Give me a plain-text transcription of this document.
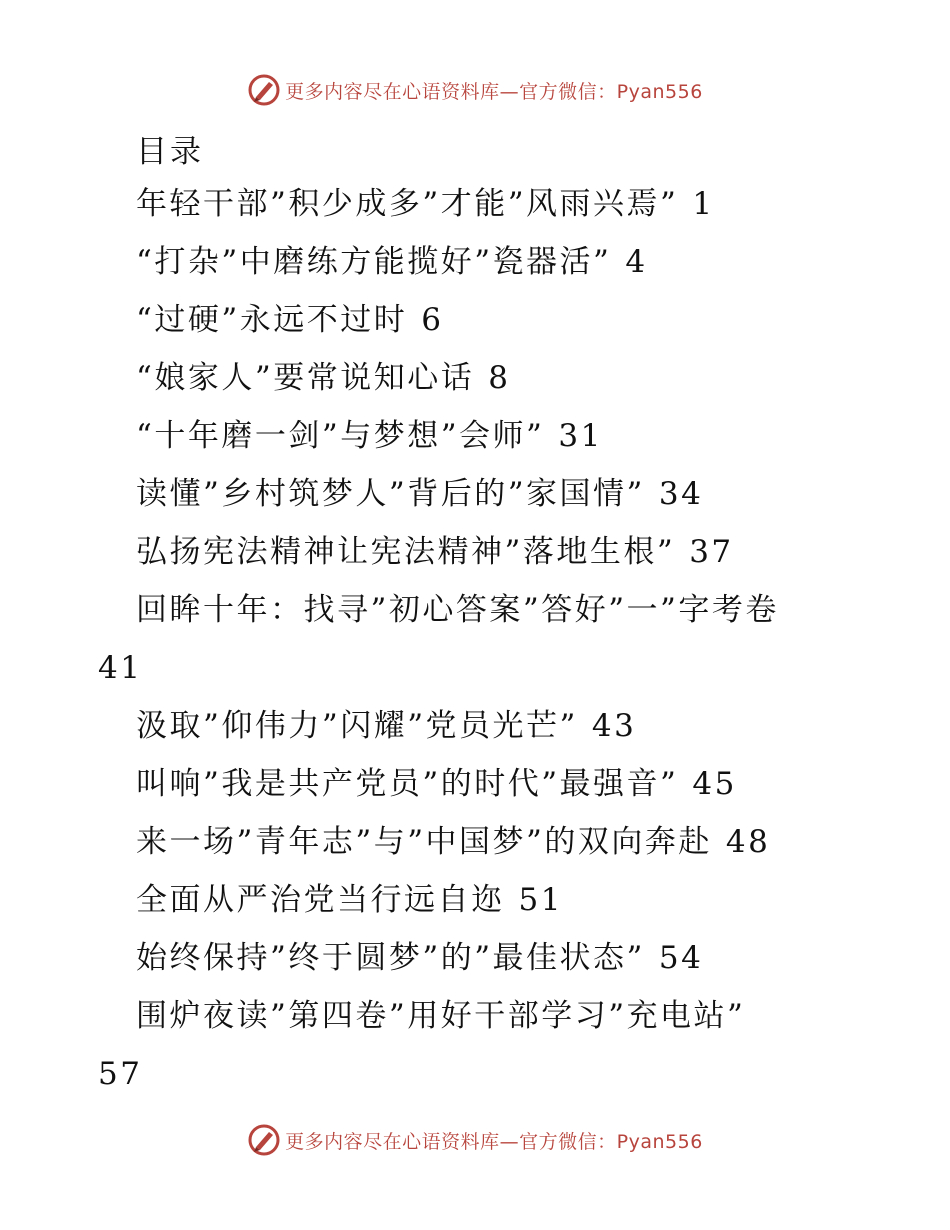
更多内容尽在心语资料库—官方微信：Pyan556
目录
年轻干部”积少成多”才能”风雨兴焉” 1
“打杂”中磨练方能揽好”瓷器活” 4
“过硬”永远不过时 6
“娘家人”要常说知心话 8
“十年磨一剑”与梦想”会师” 31
读懂”乡村筑梦人”背后的”家国情” 34
弘扬宪法精神让宪法精神”落地生根” 37
回眸十年：找寻”初心答案”答好”一”字考卷
41
汲取”仰伟力”闪耀”党员光芒” 43
叫响”我是共产党员”的时代”最强音” 45
来一场”青年志”与”中国梦”的双向奔赴 48
全面从严治党当行远自迩 51
始终保持”终于圆梦”的”最佳状态” 54
围炉夜读”第四卷”用好干部学习”充电站”
57
更多内容尽在心语资料库—官方微信：Pyan556
